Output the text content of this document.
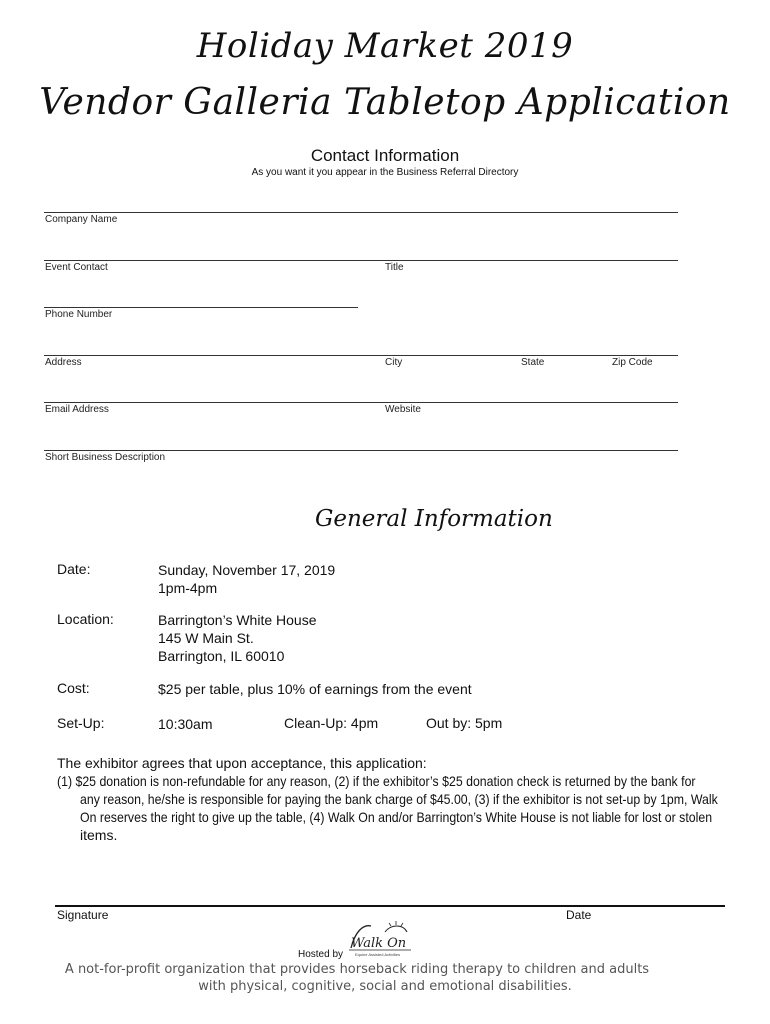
Holiday Market 2019
Vendor Galleria Tabletop Application
Contact Information
As you want it you appear in the Business Referral Directory
Company Name
Event Contact	Title
Phone Number
Address	City	State	Zip Code
Email Address	Website
Short Business Description
General Information
Date:	Sunday, November 17, 2019
1pm-4pm
Location:	Barrington’s White House
145 W Main St.
Barrington, IL 60010
Cost:	$25 per table, plus 10% of earnings from the event
Set-Up:	10:30am	Clean-Up: 4pm	Out by: 5pm
The exhibitor agrees that upon acceptance, this application:
(1) $25 donation is non-refundable for any reason, (2) if the exhibitor’s $25 donation check is returned by the bank for
any reason, he/she is responsible for paying the bank charge of $45.00, (3) if the exhibitor is not set-up by 1pm, Walk
On reserves the right to give up the table, (4) Walk On and/or Barrington’s White House is not liable for lost or stolen
items.
Signature	Date
Hosted by
Walk On
Equine Assisted Activities
A not-for-profit organization that provides horseback riding therapy to children and adults
with physical, cognitive, social and emotional disabilities.
